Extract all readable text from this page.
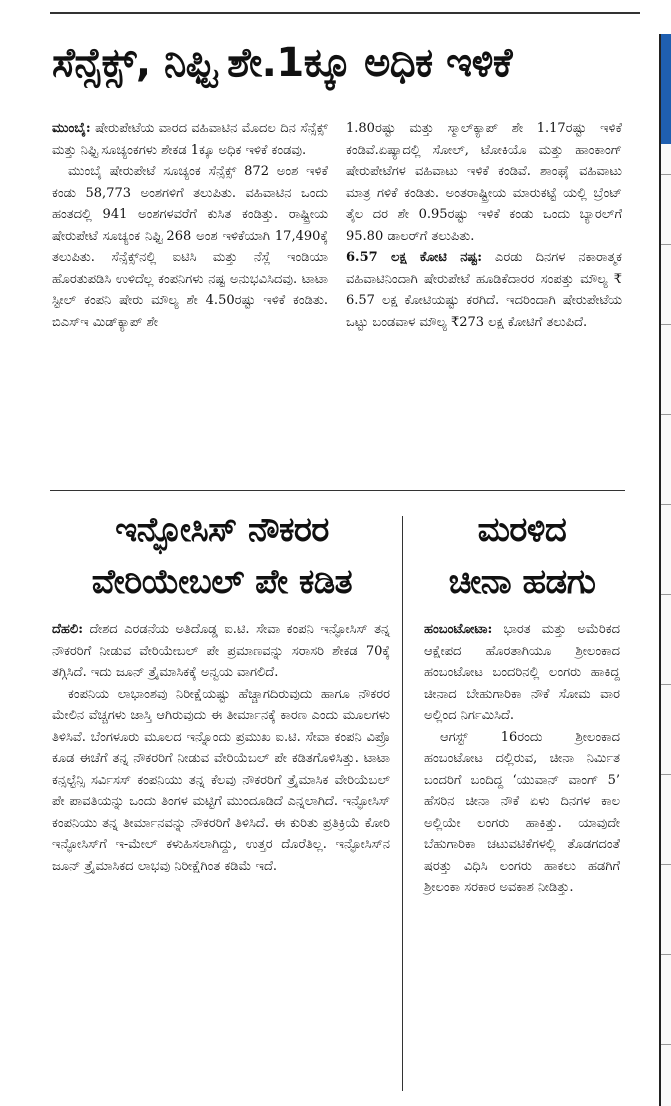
ಸೆನ್ಸೆಕ್ಸ್, ನಿಫ್ಟಿ ಶೇ.1ಕ್ಕೂ ಅಧಿಕ ಇಳಿಕೆ

ಮುಂಬೈ: ಷೇರುಪೇಟೆಯ ವಾರದ ವಹಿವಾಟಿನ ಮೊದಲ ದಿನ ಸೆನ್ಸೆಕ್ಸ್ ಮತ್ತು ನಿಫ್ಟಿ ಸೂಚ್ಯಂಕಗಳು ಶೇಕಡ 1ಕ್ಕೂ ಅಧಿಕ ಇಳಿಕೆ ಕಂಡವು.

ಮುಂಬೈ ಷೇರುಪೇಟೆ ಸೂಚ್ಯಂಕ ಸೆನ್ಸೆಕ್ಸ್ 872 ಅಂಶ ಇಳಿಕೆ ಕಂಡು 58,773 ಅಂಶಗಳಿಗೆ ತಲುಪಿತು. ವಹಿವಾಟಿನ ಒಂದು ಹಂತದಲ್ಲಿ 941 ಅಂಶಗಳವರೆಗೆ ಕುಸಿತ ಕಂಡಿತ್ತು. ರಾಷ್ಟ್ರೀಯ ಷೇರುಪೇಟೆ ಸೂಚ್ಯಂಕ ನಿಫ್ಟಿ 268 ಅಂಶ ಇಳಿಕೆಯಾಗಿ 17,490ಕ್ಕೆ ತಲುಪಿತು. ಸೆನ್ಸೆಕ್ಸ್‌ನಲ್ಲಿ ಐಟಿಸಿ ಮತ್ತು ನೆಸ್ಲೆ ಇಂಡಿಯಾ ಹೊರತುಪಡಿಸಿ ಉಳಿದೆಲ್ಲ ಕಂಪನಿಗಳು ನಷ್ಟ ಅನುಭವಿಸಿದವು. ಟಾಟಾ ಸ್ಟೀಲ್ ಕಂಪನಿ ಷೇರು ಮೌಲ್ಯ ಶೇ 4.50ರಷ್ಟು ಇಳಿಕೆ ಕಂಡಿತು. ಬಿಎಸ್ಇ ಮಿಡ್‌ಕ್ಯಾಪ್ ಶೇ

1.80ರಷ್ಟು ಮತ್ತು ಸ್ಮಾಲ್‌ಕ್ಯಾಪ್ ಶೇ 1.17ರಷ್ಟು ಇಳಿಕೆ ಕಂಡಿವೆ.ಏಷ್ಯಾದಲ್ಲಿ ಸೋಲ್, ಟೋಕಿಯೊ ಮತ್ತು ಹಾಂಕಾಂಗ್ ಷೇರುಪೇಟೆಗಳ ವಹಿವಾಟು ಇಳಿಕೆ ಕಂಡಿವೆ. ಶಾಂಘೈ ವಹಿವಾಟು ಮಾತ್ರ ಗಳಿಕೆ ಕಂಡಿತು. ಅಂತರಾಷ್ಟ್ರೀಯ ಮಾರುಕಟ್ಟೆ ಯಲ್ಲಿ ಬ್ರೆಂಟ್ ತೈಲ ದರ ಶೇ 0.95ರಷ್ಟು ಇಳಿಕೆ ಕಂಡು ಒಂದು ಬ್ಯಾರಲ್‌ಗೆ 95.80 ಡಾಲರ್‌ಗೆ ತಲುಪಿತು.

6.57 ಲಕ್ಷ ಕೋಟಿ ನಷ್ಟ: ಎರಡು ದಿನಗಳ ನಕಾರಾತ್ಮಕ ವಹಿವಾಟಿನಿಂದಾಗಿ ಷೇರುಪೇಟೆ ಹೂಡಿಕೆದಾರರ ಸಂಪತ್ತು ಮೌಲ್ಯ ₹ 6.57 ಲಕ್ಷ ಕೋಟಿಯಷ್ಟು ಕರಗಿದೆ. ಇದರಿಂದಾಗಿ ಷೇರುಪೇಟೆಯ ಒಟ್ಟು ಬಂಡವಾಳ ಮೌಲ್ಯ ₹273 ಲಕ್ಷ ಕೋಟಿಗೆ ತಲುಪಿದೆ.

ಇನ್ಫೋಸಿಸ್ ನೌಕರರ
ವೇರಿಯೇಬಲ್ ಪೇ ಕಡಿತ

ದೆಹಲಿ: ದೇಶದ ಎರಡನೆಯ ಅತಿದೊಡ್ಡ ಐ.ಟಿ. ಸೇವಾ ಕಂಪನಿ ಇನ್ಫೋಸಿಸ್ ತನ್ನ ನೌಕರರಿಗೆ ನೀಡುವ ವೇರಿಯೇಬಲ್ ಪೇ ಪ್ರಮಾಣವನ್ನು ಸರಾಸರಿ ಶೇಕಡ 70ಕ್ಕೆ ತಗ್ಗಿಸಿದೆ. ಇದು ಜೂನ್ ತ್ರೈಮಾಸಿಕಕ್ಕೆ ಅನ್ವಯ ವಾಗಲಿದೆ.

ಕಂಪನಿಯ ಲಾಭಾಂಶವು ನಿರೀಕ್ಷೆಯಷ್ಟು ಹೆಚ್ಚಾಗದಿರುವುದು ಹಾಗೂ ನೌಕರರ ಮೇಲಿನ ವೆಚ್ಚಗಳು ಜಾಸ್ತಿ ಆಗಿರುವುದು ಈ ತೀರ್ಮಾನಕ್ಕೆ ಕಾರಣ ಎಂದು ಮೂಲಗಳು ತಿಳಿಸಿವೆ. ಬೆಂಗಳೂರು ಮೂಲದ ಇನ್ನೊಂದು ಪ್ರಮುಖ ಐ.ಟಿ. ಸೇವಾ ಕಂಪನಿ ವಿಪ್ರೊ ಕೂಡ ಈಚೆಗೆ ತನ್ನ ನೌಕರರಿಗೆ ನೀಡುವ ವೇರಿಯೆಬಲ್ ಪೇ ಕಡಿತಗೊಳಿಸಿತ್ತು. ಟಾಟಾ ಕನ್ಸಲ್ಟೆನ್ಸಿ ಸರ್ವಿಸಸ್ ಕಂಪನಿಯು ತನ್ನ ಕೆಲವು ನೌಕರರಿಗೆ ತ್ರೈಮಾಸಿಕ ವೇರಿಯೆಬಲ್ ಪೇ ಪಾವತಿಯನ್ನು ಒಂದು ತಿಂಗಳ ಮಟ್ಟಿಗೆ ಮುಂದೂಡಿದೆ ಎನ್ನಲಾಗಿದೆ. ಇನ್ಫೋಸಿಸ್ ಕಂಪನಿಯು ತನ್ನ ತೀರ್ಮಾನವನ್ನು ನೌಕರರಿಗೆ ತಿಳಿಸಿದೆ. ಈ ಕುರಿತು ಪ್ರತಿಕ್ರಿಯೆ ಕೋರಿ ಇನ್ಫೋಸಿಸ್‌ಗೆ ಇ-ಮೇಲ್ ಕಳುಹಿಸಲಾಗಿದ್ದು, ಉತ್ತರ ದೊರೆತಿಲ್ಲ. ಇನ್ಫೋಸಿಸ್‌ನ ಜೂನ್ ತ್ರೈಮಾಸಿಕದ ಲಾಭವು ನಿರೀಕ್ಷೆಗಿಂತ ಕಡಿಮೆ ಇದೆ.

ಮರಳಿದ
ಚೀನಾ ಹಡಗು

ಹಂಬಂಟೋಟಾ: ಭಾರತ ಮತ್ತು ಅಮೆರಿಕದ ಆಕ್ಷೇಪದ ಹೊರತಾಗಿಯೂ ಶ್ರೀಲಂಕಾದ ಹಂಬಂಟೋಟ ಬಂದರಿನಲ್ಲಿ ಲಂಗರು ಹಾಕಿದ್ದ ಚೀನಾದ ಬೇಹುಗಾರಿಕಾ ನೌಕೆ ಸೋಮ ವಾರ ಅಲ್ಲಿಂದ ನಿರ್ಗಮಿಸಿದೆ.

ಆಗಸ್ಟ್ 16ರಂದು ಶ್ರೀಲಂಕಾದ ಹಂಬಂಟೋಟ ದಲ್ಲಿರುವ, ಚೀನಾ ನಿರ್ಮಿತ ಬಂದರಿಗೆ ಬಂದಿದ್ದ ‘ಯುವಾನ್ ವಾಂಗ್ 5’ ಹೆಸರಿನ ಚೀನಾ ನೌಕೆ ಏಳು ದಿನಗಳ ಕಾಲ ಅಲ್ಲಿಯೇ ಲಂಗರು ಹಾಕಿತ್ತು. ಯಾವುದೇ ಬೆಹುಗಾರಿಕಾ ಚಟುವಟಿಕೆಗಳಲ್ಲಿ ತೊಡಗದಂತೆ ಷರತ್ತು ವಿಧಿಸಿ ಲಂಗರು ಹಾಕಲು ಹಡಗಿಗೆ ಶ್ರೀಲಂಕಾ ಸರಕಾರ ಅವಕಾಶ ನೀಡಿತ್ತು.
